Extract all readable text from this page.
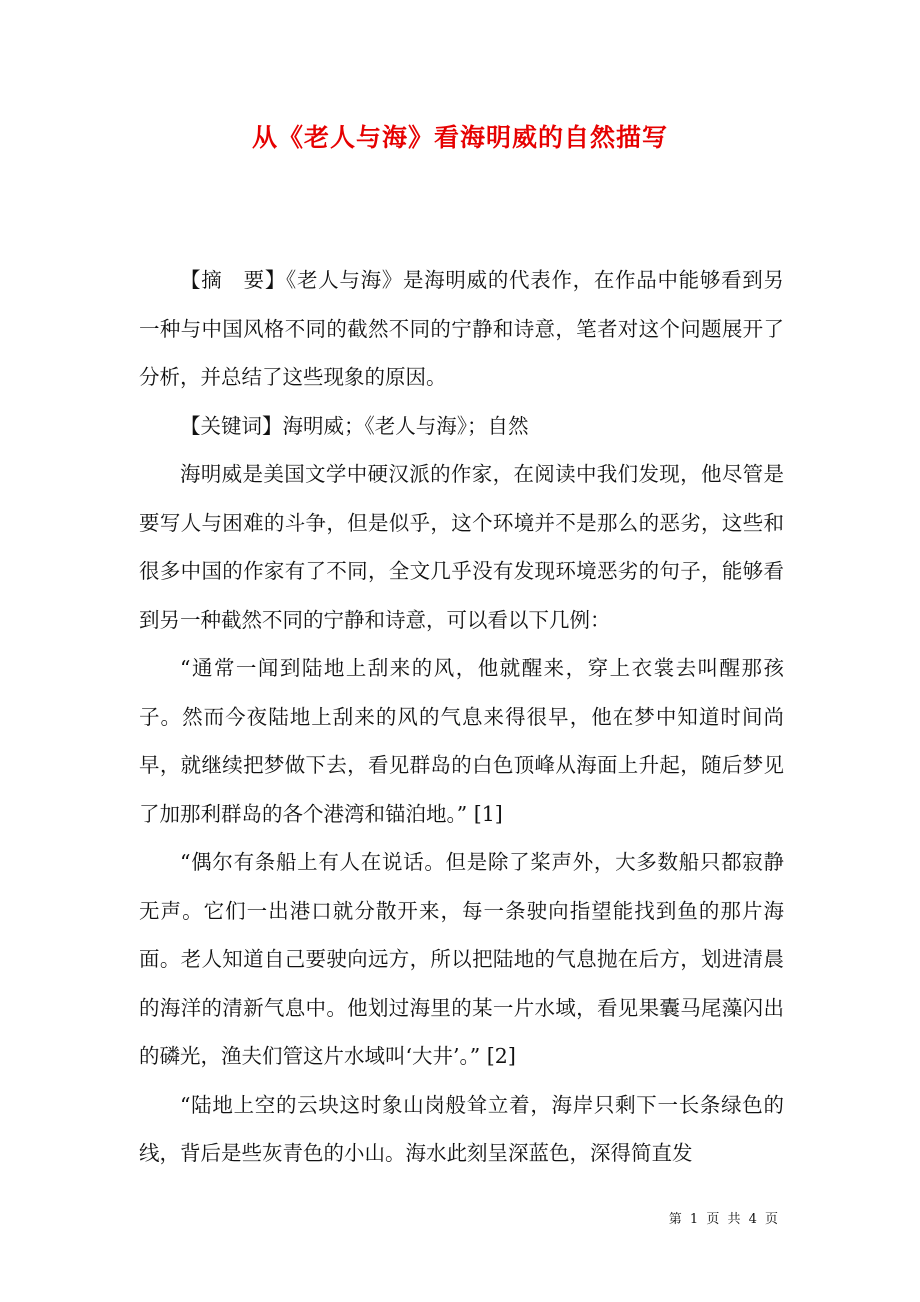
从《老人与海》看海明威的自然描写

【摘　要】《老人与海》是海明威的代表作，在作品中能够看到另一种与中国风格不同的截然不同的宁静和诗意，笔者对这个问题展开了分析，并总结了这些现象的原因。

【关键词】海明威；《老人与海》；自然

海明威是美国文学中硬汉派的作家，在阅读中我们发现，他尽管是要写人与困难的斗争，但是似乎，这个环境并不是那么的恶劣，这些和很多中国的作家有了不同，全文几乎没有发现环境恶劣的句子，能够看到另一种截然不同的宁静和诗意，可以看以下几例：

“通常一闻到陆地上刮来的风，他就醒来，穿上衣裳去叫醒那孩子。然而今夜陆地上刮来的风的气息来得很早，他在梦中知道时间尚早，就继续把梦做下去，看见群岛的白色顶峰从海面上升起，随后梦见了加那利群岛的各个港湾和锚泊地。” [1]

“偶尔有条船上有人在说话。但是除了桨声外，大多数船只都寂静无声。它们一出港口就分散开来，每一条驶向指望能找到鱼的那片海面。老人知道自己要驶向远方，所以把陆地的气息抛在后方，划进清晨的海洋的清新气息中。他划过海里的某一片水域，看见果囊马尾藻闪出的磷光，渔夫们管这片水域叫‘大井’。” [2]

“陆地上空的云块这时象山岗般耸立着，海岸只剩下一长条绿色的线，背后是些灰青色的小山。海水此刻呈深蓝色，深得简直发

第 1 页 共 4 页
